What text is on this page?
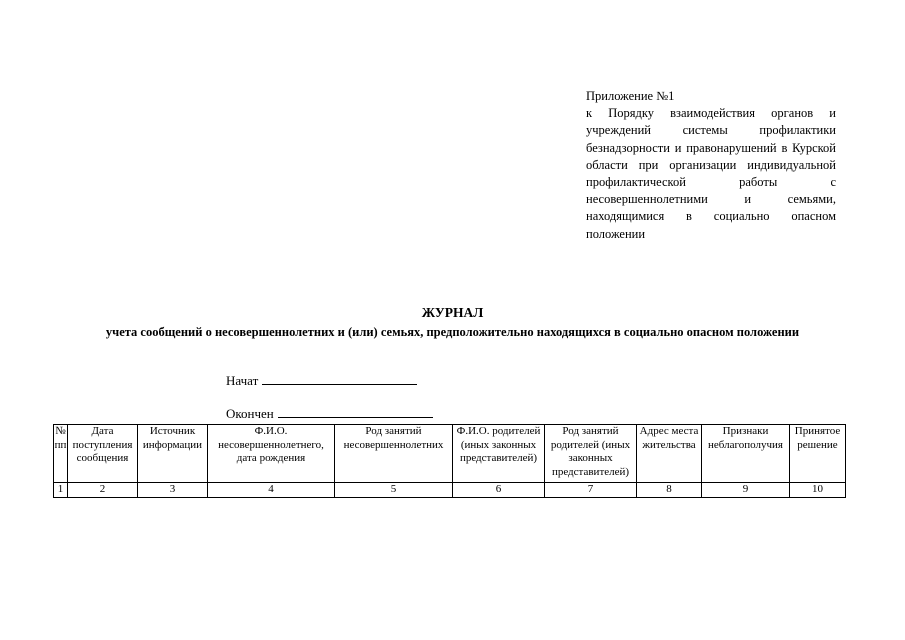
Приложение №1
к Порядку взаимодействия органов и учреждений системы профилактики безнадзорности и правонарушений в Курской области при организации индивидуальной профилактической работы с несовершеннолетними и семьями, находящимися в социально опасном положении
ЖУРНАЛ
учета сообщений о несовершеннолетних и (или) семьях, предположительно находящихся в социально опасном положении
Начат
Окончен
№ пп	Дата поступления сообщения	Источник информации	Ф.И.О. несовершеннолетнего, дата рождения	Род занятий несовершеннолетних	Ф.И.О. родителей (иных законных представителей)	Род занятий родителей (иных законных представителей)	Адрес места жительства	Признаки неблагополучия	Принятое решение
1	2	3	4	5	6	7	8	9	10
